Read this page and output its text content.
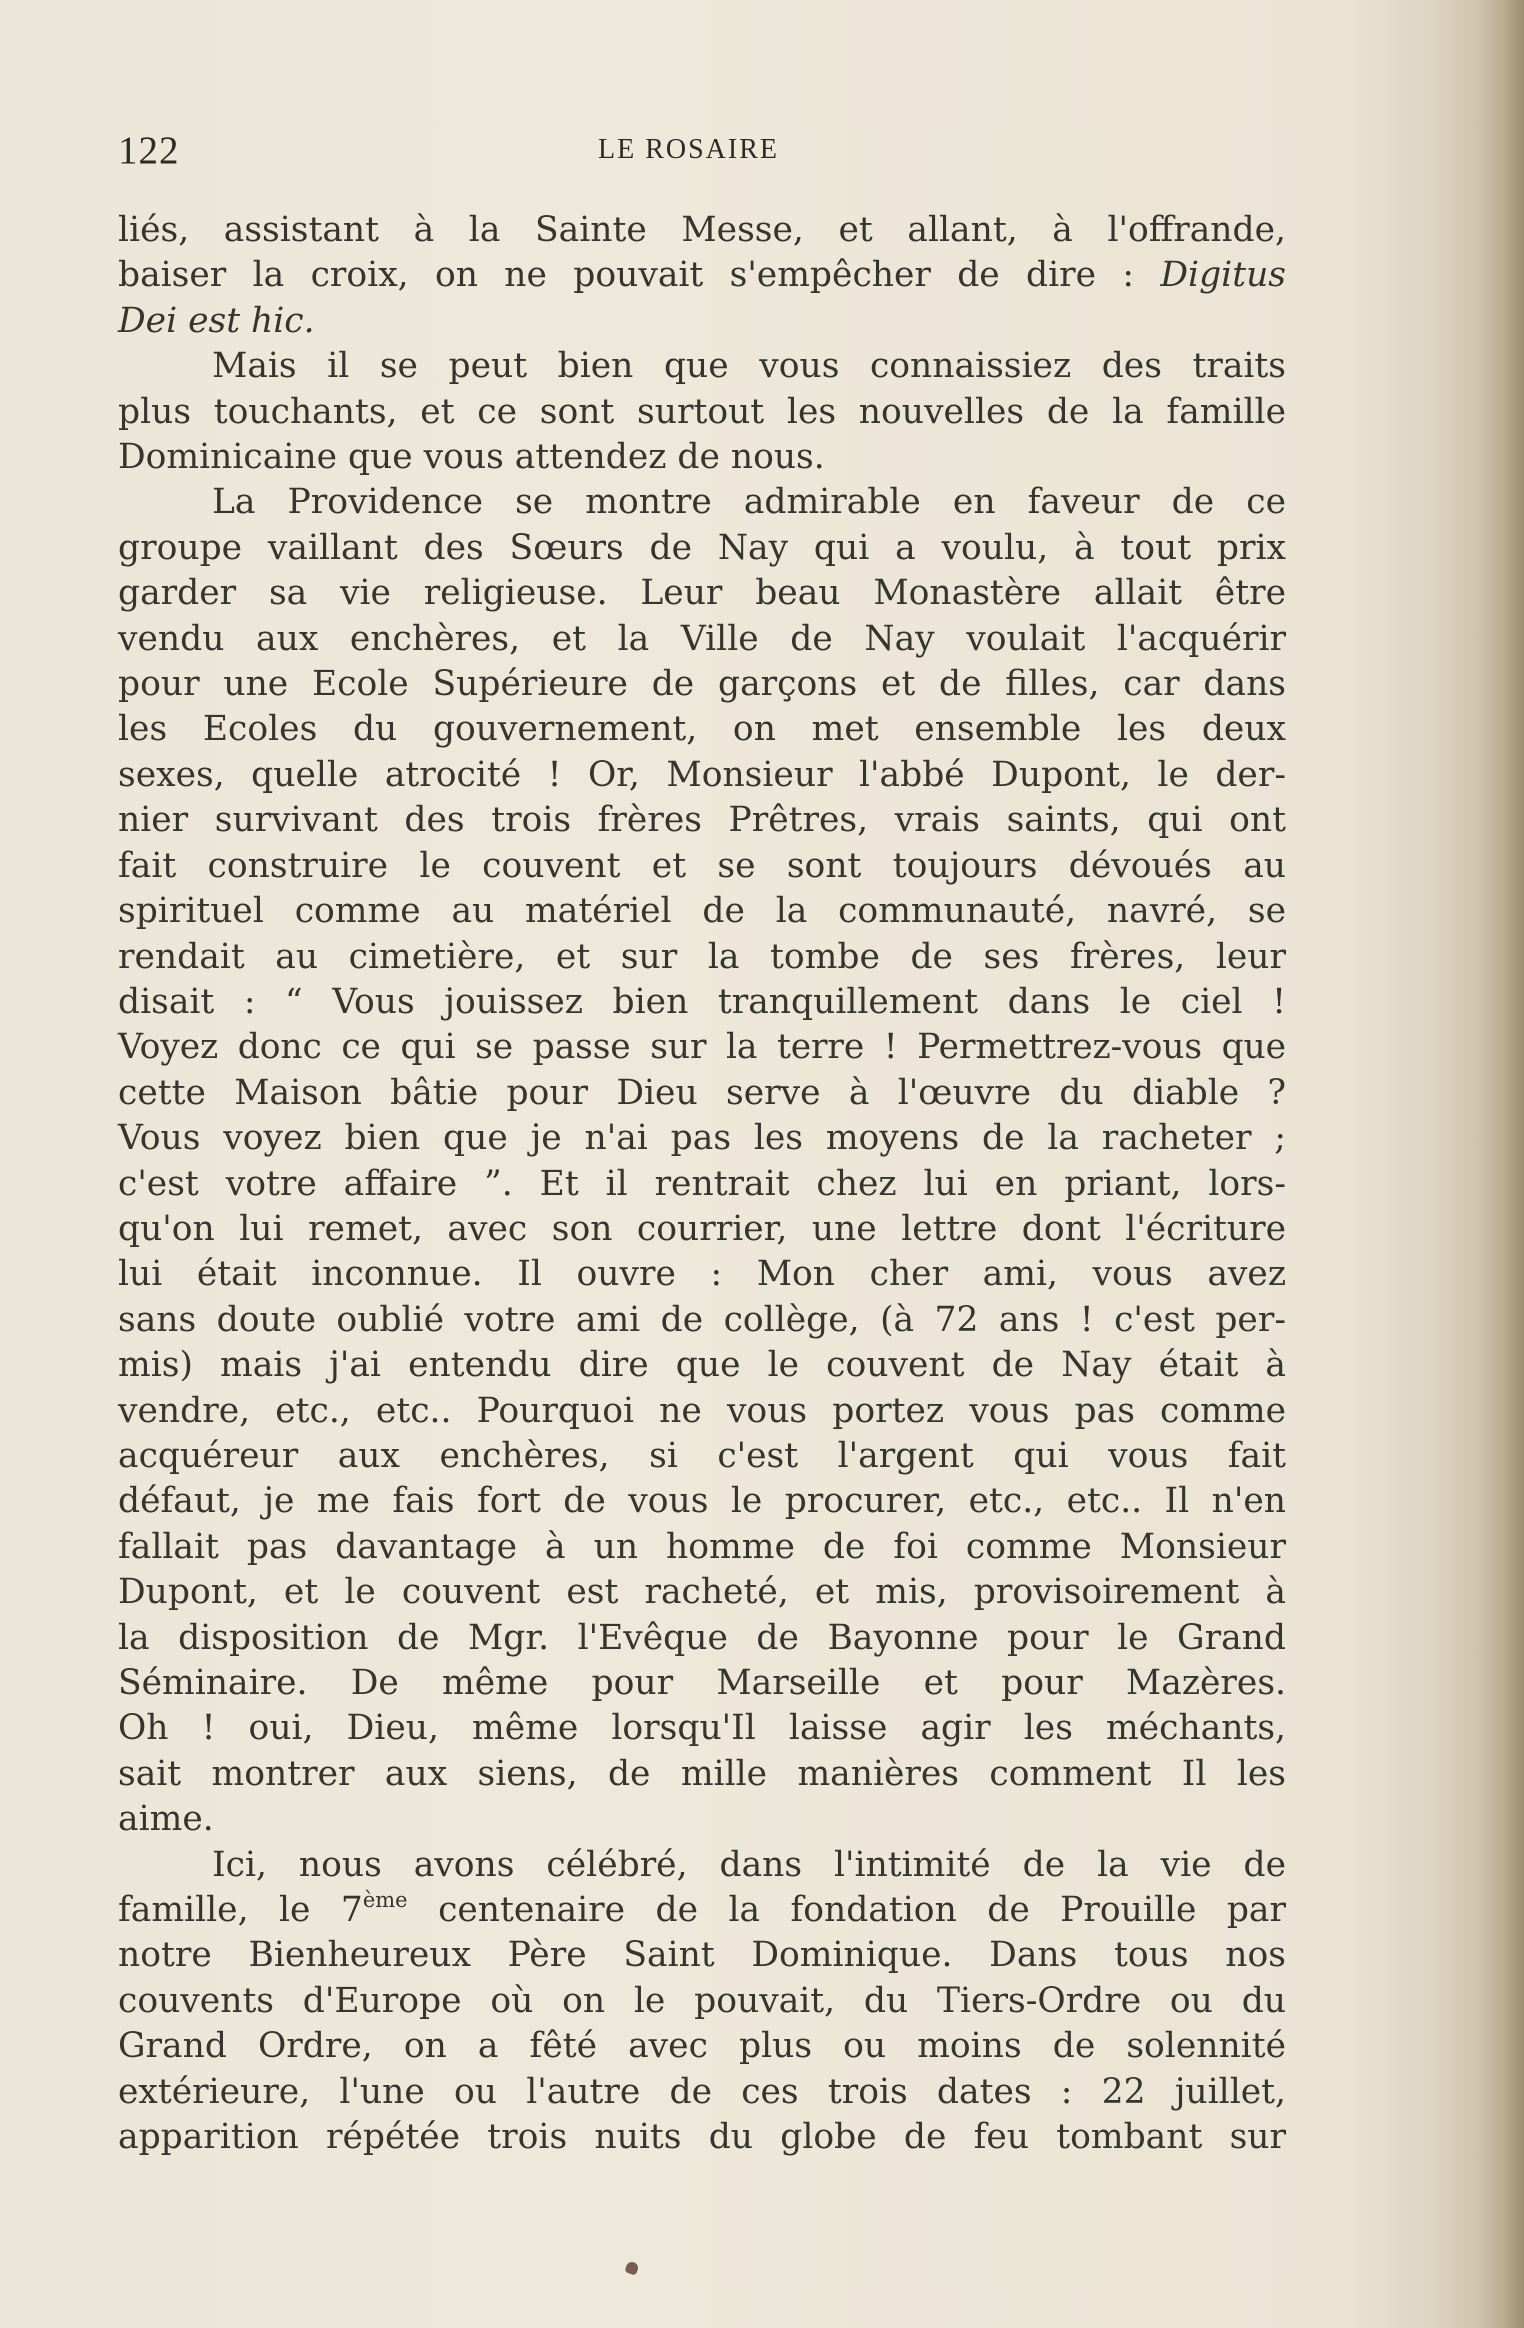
122	LE ROSAIRE

liés, assistant à la Sainte Messe, et allant, à l'offrande,
baiser la croix, on ne pouvait s'empêcher de dire : Digitus
Dei est hic.

Mais il se peut bien que vous connaissiez des traits
plus touchants, et ce sont surtout les nouvelles de la famille
Dominicaine que vous attendez de nous.

La Providence se montre admirable en faveur de ce
groupe vaillant des Sœurs de Nay qui a voulu, à tout prix
garder sa vie religieuse. Leur beau Monastère allait être
vendu aux enchères, et la Ville de Nay voulait l'acquérir
pour une Ecole Supérieure de garçons et de filles, car dans
les Ecoles du gouvernement, on met ensemble les deux
sexes, quelle atrocité ! Or, Monsieur l'abbé Dupont, le der-
nier survivant des trois frères Prêtres, vrais saints, qui ont
fait construire le couvent et se sont toujours dévoués au
spirituel comme au matériel de la communauté, navré, se
rendait au cimetière, et sur la tombe de ses frères, leur
disait : “ Vous jouissez bien tranquillement dans le ciel !
Voyez donc ce qui se passe sur la terre ! Permettrez-vous que
cette Maison bâtie pour Dieu serve à l'œuvre du diable ?
Vous voyez bien que je n'ai pas les moyens de la racheter ;
c'est votre affaire ”. Et il rentrait chez lui en priant, lors-
qu'on lui remet, avec son courrier, une lettre dont l'écriture
lui était inconnue. Il ouvre : Mon cher ami, vous avez
sans doute oublié votre ami de collège, (à 72 ans ! c'est per-
mis) mais j'ai entendu dire que le couvent de Nay était à
vendre, etc., etc.. Pourquoi ne vous portez vous pas comme
acquéreur aux enchères, si c'est l'argent qui vous fait
défaut, je me fais fort de vous le procurer, etc., etc.. Il n'en
fallait pas davantage à un homme de foi comme Monsieur
Dupont, et le couvent est racheté, et mis, provisoirement à
la disposition de Mgr. l'Evêque de Bayonne pour le Grand
Séminaire. De même pour Marseille et pour Mazères.
Oh ! oui, Dieu, même lorsqu'Il laisse agir les méchants,
sait montrer aux siens, de mille manières comment Il les
aime.

Ici, nous avons célébré, dans l'intimité de la vie de
famille, le 7ème centenaire de la fondation de Prouille par
notre Bienheureux Père Saint Dominique. Dans tous nos
couvents d'Europe où on le pouvait, du Tiers-Ordre ou du
Grand Ordre, on a fêté avec plus ou moins de solennité
extérieure, l'une ou l'autre de ces trois dates : 22 juillet,
apparition répétée trois nuits du globe de feu tombant sur
